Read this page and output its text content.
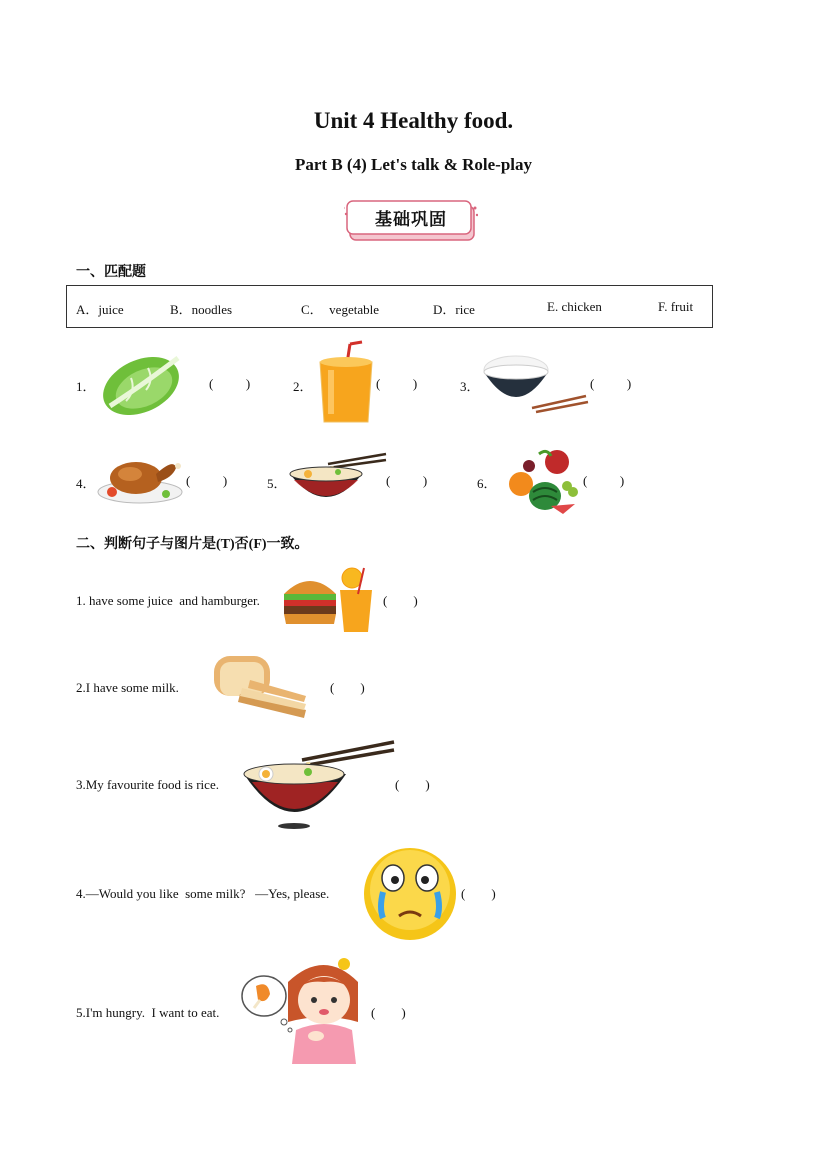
Unit 4 Healthy food.
Part B (4) Let's talk & Role-play
基础巩固
一、匹配题
A．juice	B．noodles	C．  vegetable	D．rice	E. chicken	F. fruit
1．	(          )	2．	(          )	3．	(          )
4．	(          )	5．	(          )	6．	(          )
二、判断句子与图片是(T)否(F)一致。
1. have some juice  and hamburger.	(        )
2.I have some milk.	(        )
3.My favourite food is rice.	(        )
4.—Would you like  some milk?   —Yes, please.	(        )
5.I'm hungry.  I want to eat.	(        )
